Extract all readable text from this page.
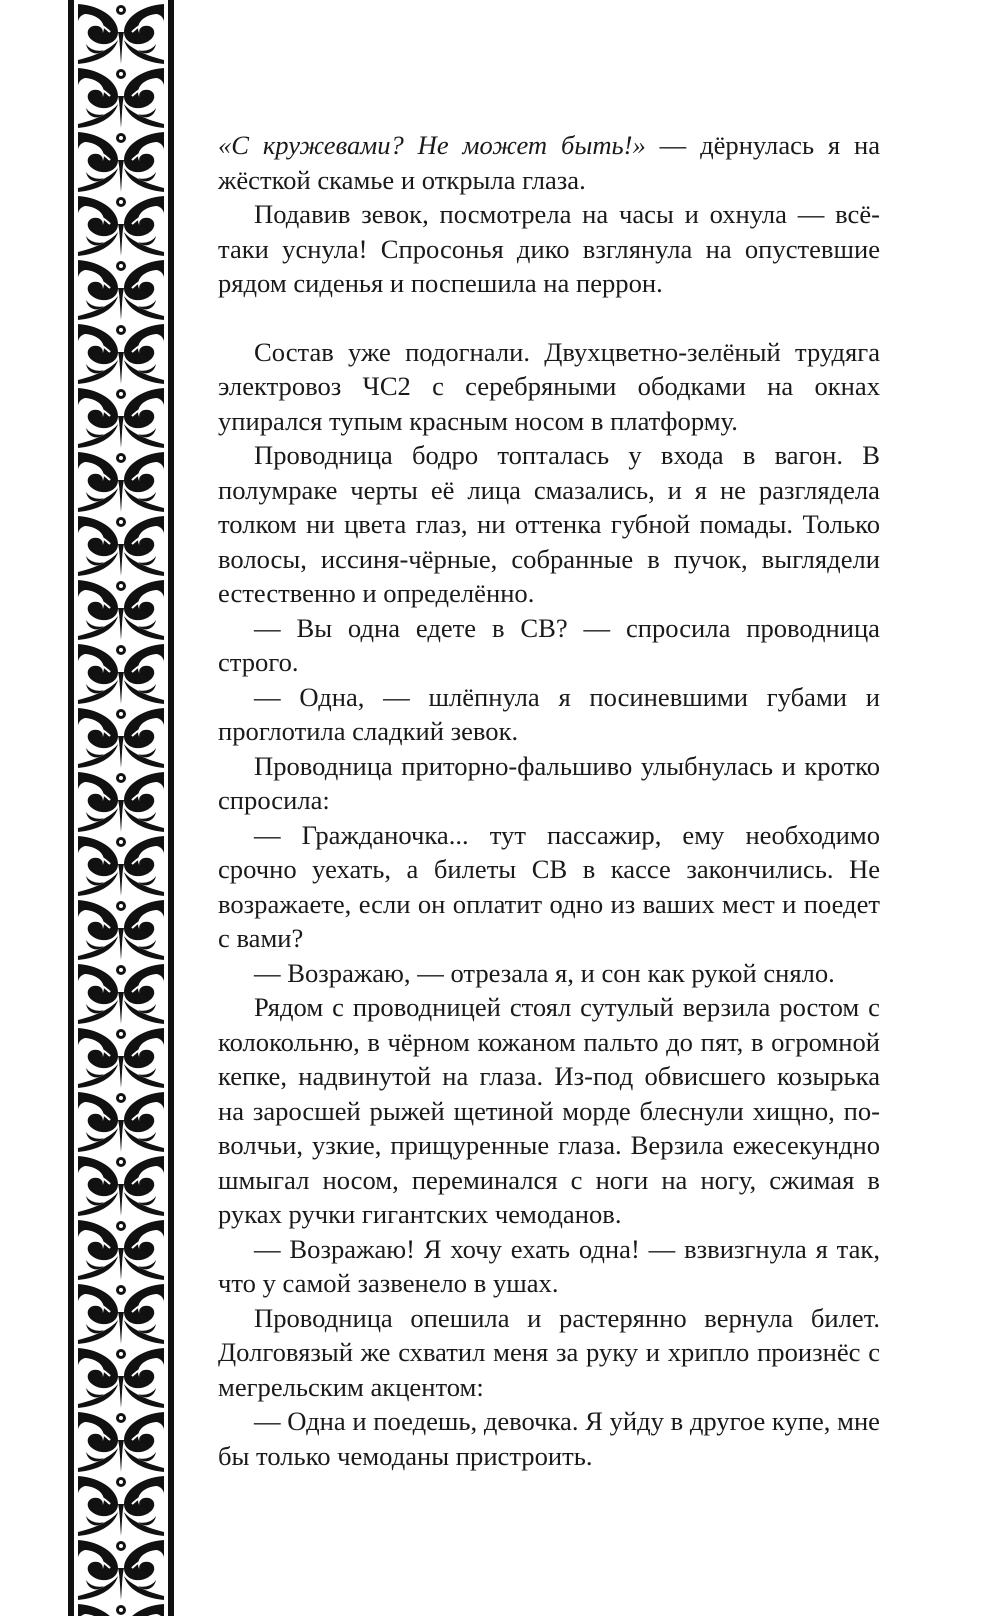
«С кружевами? Не может быть!» — дёрнулась я на жёсткой скамье и открыла глаза.

Подавив зевок, посмотрела на часы и охнула — всётаки уснула! Спросонья дико взглянула на опустевшие рядом сиденья и поспешила на перрон.

Состав уже подогнали. Двухцветно-зелёный трудяга электровоз ЧС2 с серебряными ободками на окнах упирался тупым красным носом в платформу.

Проводница бодро топталась у входа в вагон. В полумраке черты её лица смазались, и я не разглядела толком ни цвета глаз, ни оттенка губной помады. Только волосы, иссиня-чёрные, собранные в пучок, выглядели естественно и определённо.

— Вы одна едете в СВ? — спросила проводница строго.

— Одна, — шлёпнула я посиневшими губами и проглотила сладкий зевок.

Проводница приторно-фальшиво улыбнулась и кротко спросила:

— Гражданочка... тут пассажир, ему необходимо срочно уехать, а билеты СВ в кассе закончились. Не возражаете, если он оплатит одно из ваших мест и поедет с вами?

— Возражаю, — отрезала я, и сон как рукой сняло.

Рядом с проводницей стоял сутулый верзила ростом с колокольню, в чёрном кожаном пальто до пят, в огромной кепке, надвинутой на глаза. Из-под обвисшего козырька на заросшей рыжей щетиной морде блеснули хищно, по-волчьи, узкие, прищуренные глаза. Верзила ежесекундно шмыгал носом, переминался с ноги на ногу, сжимая в руках ручки гигантских чемоданов.

— Возражаю! Я хочу ехать одна! — взвизгнула я так, что у самой зазвенело в ушах.

Проводница опешила и растерянно вернула билет. Долговязый же схватил меня за руку и хрипло произнёс с мегрельским акцентом:

— Одна и поедешь, девочка. Я уйду в другое купе, мне бы только чемоданы пристроить.
